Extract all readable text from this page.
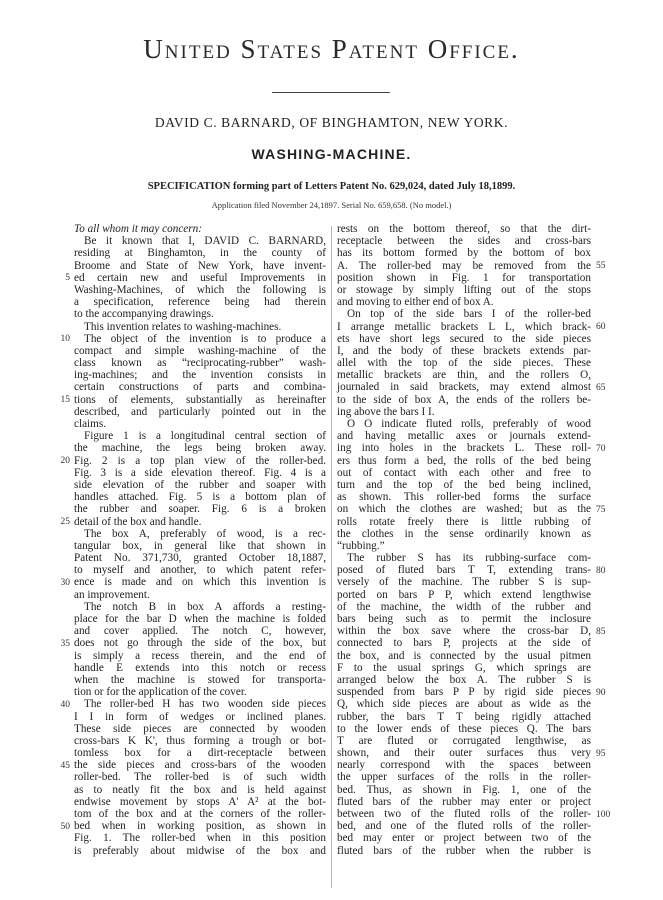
United States Patent Office.
DAVID C. BARNARD, OF BINGHAMTON, NEW YORK.
WASHING-MACHINE.
SPECIFICATION forming part of Letters Patent No. 629,024, dated July 18,1899.
Application filed November 24,1897. Serial No. 659,658. (No model.)
To all whom it may concern:
Be it known that I, DAVID C. BARNARD,
residing at Binghamton, in the county of
Broome and State of New York, have invent-
ed certain new and useful Improvements in
Washing-Machines, of which the following is
a specification, reference being had therein
to the accompanying drawings.
This invention relates to washing-machines.
The object of the invention is to produce a
compact and simple washing-machine of the
class known as “reciprocating-rubber” wash-
ing-machines; and the invention consists in
certain constructions of parts and combina-
tions of elements, substantially as hereinafter
described, and particularly pointed out in the
claims.
Figure 1 is a longitudinal central section of
the machine, the legs being broken away.
Fig. 2 is a top plan view of the roller-bed.
Fig. 3 is a side elevation thereof. Fig. 4 is a
side elevation of the rubber and soaper with
handles attached. Fig. 5 is a bottom plan of
the rubber and soaper. Fig. 6 is a broken
detail of the box and handle.
The box A, preferably of wood, is a rec-
tangular box, in general like that shown in
Patent No. 371,730, granted October 18,1887,
to myself and another, to which patent refer-
ence is made and on which this invention is
an improvement.
The notch B in box A affords a resting-
place for the bar D when the machine is folded
and cover applied. The notch C, however,
does not go through the side of the box, but
is simply a recess therein, and the end of
handle E extends into this notch or recess
when the machine is stowed for transporta-
tion or for the application of the cover.
The roller-bed H has two wooden side pieces
I I in form of wedges or inclined planes.
These side pieces are connected by wooden
cross-bars K K', thus forming a trough or bot-
tomless box for a dirt-receptacle between
the side pieces and cross-bars of the wooden
roller-bed. The roller-bed is of such width
as to neatly fit the box and is held against
endwise movement by stops A' A² at the bot-
tom of the box and at the corners of the roller-
bed when in working position, as shown in
Fig. 1. The roller-bed when in this position
is preferably about midwise of the box and
rests on the bottom thereof, so that the dirt-
receptacle between the sides and cross-bars
has its bottom formed by the bottom of box
A. The roller-bed may be removed from the
position shown in Fig. 1 for transportation
or stowage by simply lifting out of the stops
and moving to either end of box A.
On top of the side bars I of the roller-bed
I arrange metallic brackets L L, which brack-
ets have short legs secured to the side pieces
I, and the body of these brackets extends par-
allel with the top of the side pieces. These
metallic brackets are thin, and the rollers O,
journaled in said brackets, may extend almost
to the side of box A, the ends of the rollers be-
ing above the bars I I.
O O indicate fluted rolls, preferably of wood
and having metallic axes or journals extend-
ing into holes in the brackets L. These roll-
ers thus form a bed, the rolls of the bed being
out of contact with each other and free to
turn and the top of the bed being inclined,
as shown. This roller-bed forms the surface
on which the clothes are washed; but as the
rolls rotate freely there is little rubbing of
the clothes in the sense ordinarily known as
“rubbing.”
The rubber S has its rubbing-surface com-
posed of fluted bars T T, extending trans-
versely of the machine. The rubber S is sup-
ported on bars P P, which extend lengthwise
of the machine, the width of the rubber and
bars being such as to permit the inclosure
within the box save where the cross-bar D,
connected to bars P, projects at the side of
the box, and is connected by the usual pitmen
F to the usual springs G, which springs are
arranged below the box A. The rubber S is
suspended from bars P P by rigid side pieces
Q, which side pieces are about as wide as the
rubber, the bars T T being rigidly attached
to the lower ends of these pieces Q. The bars
T are fluted or corrugated lengthwise, as
shown, and their outer surfaces thus very
nearly correspond with the spaces between
the upper surfaces of the rolls in the roller-
bed. Thus, as shown in Fig. 1, one of the
fluted bars of the rubber may enter or project
between two of the fluted rolls of the roller-
bed, and one of the fluted rolls of the roller-
bed may enter or project between two of the
fluted bars of the rubber when the rubber is
5
10
15
20
25
30
35
40
45
50
55
60
65
70
75
80
85
90
95
100
